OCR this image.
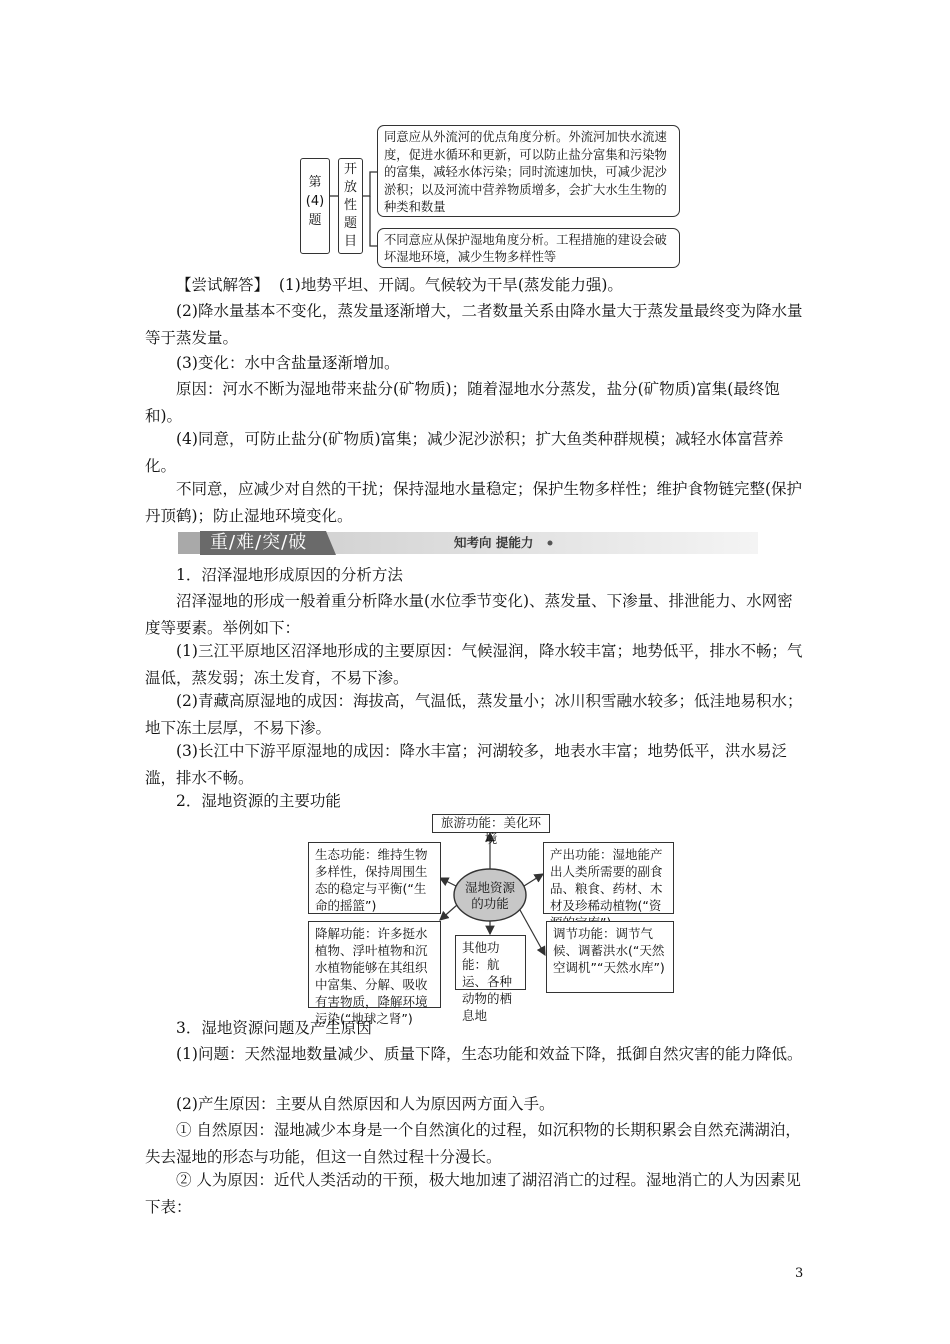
第(4)题
开放性题目
同意应从外流河的优点角度分析。外流河加快水流速度，促进水循环和更新，可以防止盐分富集和污染物的富集，减轻水体污染；同时流速加快，可减少泥沙淤积；以及河流中营养物质增多，会扩大水生生物的种类和数量
不同意应从保护湿地角度分析。工程措施的建设会破坏湿地环境，减少生物多样性等

【尝试解答】 (1)地势平坦、开阔。气候较为干旱(蒸发能力强)。

(2)降水量基本不变化，蒸发量逐渐增大，二者数量关系由降水量大于蒸发量最终变为降水量等于蒸发量。

(3)变化：水中含盐量逐渐增加。

原因：河水不断为湿地带来盐分(矿物质)；随着湿地水分蒸发，盐分(矿物质)富集(最终饱和)。

(4)同意，可防止盐分(矿物质)富集；减少泥沙淤积；扩大鱼类种群规模；减轻水体富营养化。

不同意，应减少对自然的干扰；保持湿地水量稳定；保护生物多样性；维护食物链完整(保护丹顶鹤)；防止湿地环境变化。

重/难/突/破	知考向 提能力

1．沼泽湿地形成原因的分析方法

沼泽湿地的形成一般着重分析降水量(水位季节变化)、蒸发量、下渗量、排泄能力、水网密度等要素。举例如下：

(1)三江平原地区沼泽地形成的主要原因：气候湿润，降水较丰富；地势低平，排水不畅；气温低，蒸发弱；冻土发育，不易下渗。

(2)青藏高原湿地的成因：海拔高，气温低，蒸发量小；冰川积雪融水较多；低洼地易积水；地下冻土层厚，不易下渗。

(3)长江中下游平原湿地的成因：降水丰富；河湖较多，地表水丰富；地势低平，洪水易泛滥，排水不畅。

2．湿地资源的主要功能

湿地资源的功能
旅游功能：美化环境
生态功能：维持生物多样性，保持周围生态的稳定与平衡(“生命的摇篮”)
降解功能：许多挺水植物、浮叶植物和沉水植物能够在其组织中富集、分解、吸收有害物质，降解环境污染(“地球之肾”)
其他功能：航运、各种动物的栖息地
产出功能：湿地能产出人类所需要的副食品、粮食、药材、木材及珍稀动植物(“资
调节功能：调节气候、调蓄洪水(“天然空调机”“天然水库”)

3．湿地资源问题及产生原因

(1)问题：天然湿地数量减少、质量下降，生态功能和效益下降，抵御自然灾害的能力降低。

(2)产生原因：主要从自然原因和人为原因两方面入手。

① 自然原因：湿地减少本身是一个自然演化的过程，如沉积物的长期积累会自然充满湖泊，失去湿地的形态与功能，但这一自然过程十分漫长。

② 人为原因：近代人类活动的干预，极大地加速了湖沼消亡的过程。湿地消亡的人为因素见下表：

3
